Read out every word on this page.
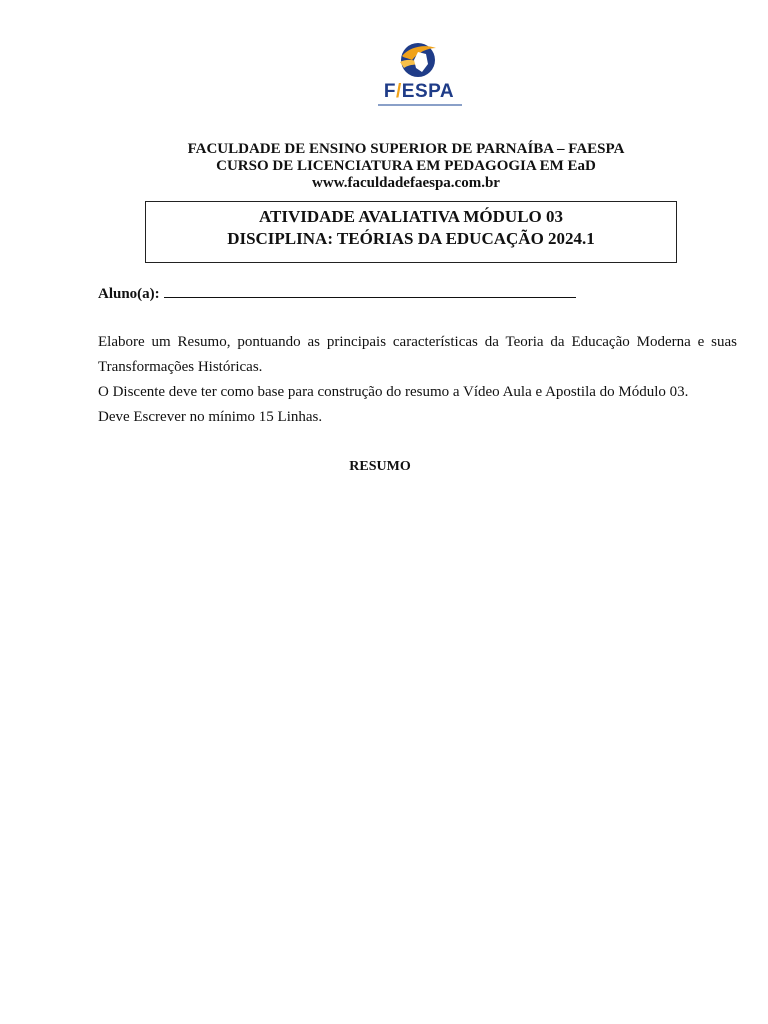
F/ESPA
FACULDADE DE ENSINO SUPERIOR DE PARNAÍBA – FAESPA
CURSO DE LICENCIATURA EM PEDAGOGIA EM EaD
www.faculdadefaespa.com.br
ATIVIDADE AVALIATIVA MÓDULO 03
DISCIPLINA: TEÓRIAS DA EDUCAÇÃO 2024.1
Aluno(a):

Elabore um Resumo, pontuando as principais características da Teoria da Educação Moderna e suas Transformações Históricas.

O Discente deve ter como base para construção do resumo a Vídeo Aula e Apostila do Módulo 03.

Deve Escrever no mínimo 15 Linhas.

RESUMO
